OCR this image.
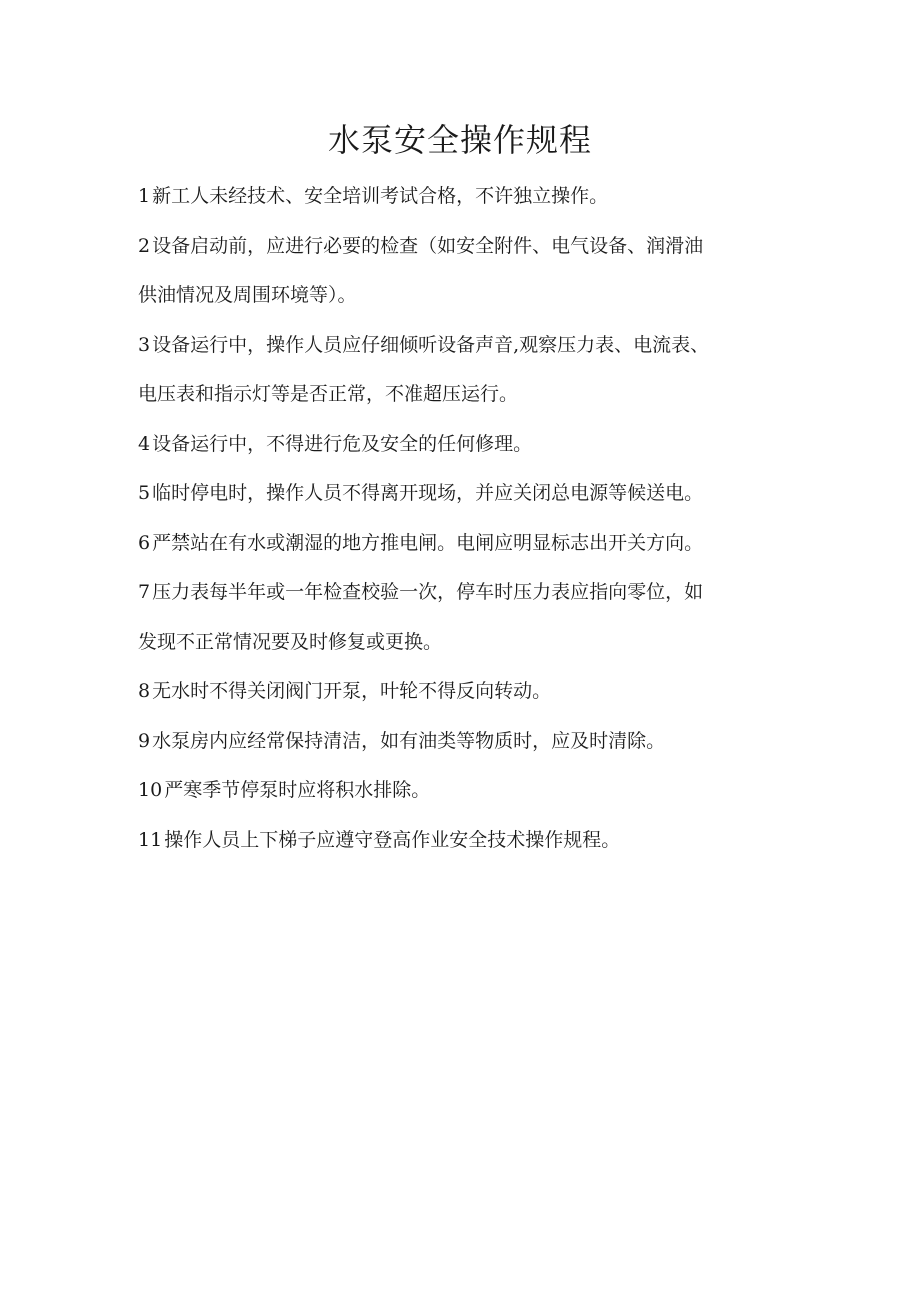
水泵安全操作规程
1 新工人未经技术、安全培训考试合格，不许独立操作。
2 设备启动前，应进行必要的检查（如安全附件、电气设备、润滑油
供油情况及周围环境等）。
3 设备运行中，操作人员应仔细倾听设备声音,观察压力表、电流表、
电压表和指示灯等是否正常，不准超压运行。
4 设备运行中，不得进行危及安全的任何修理。
5 临时停电时，操作人员不得离开现场，并应关闭总电源等候送电。
6 严禁站在有水或潮湿的地方推电闸。电闸应明显标志出开关方向。
7 压力表每半年或一年检查校验一次，停车时压力表应指向零位，如
发现不正常情况要及时修复或更换。
8 无水时不得关闭阀门开泵，叶轮不得反向转动。
9 水泵房内应经常保持清洁，如有油类等物质时，应及时清除。
10 严寒季节停泵时应将积水排除。
11 操作人员上下梯子应遵守登高作业安全技术操作规程。
